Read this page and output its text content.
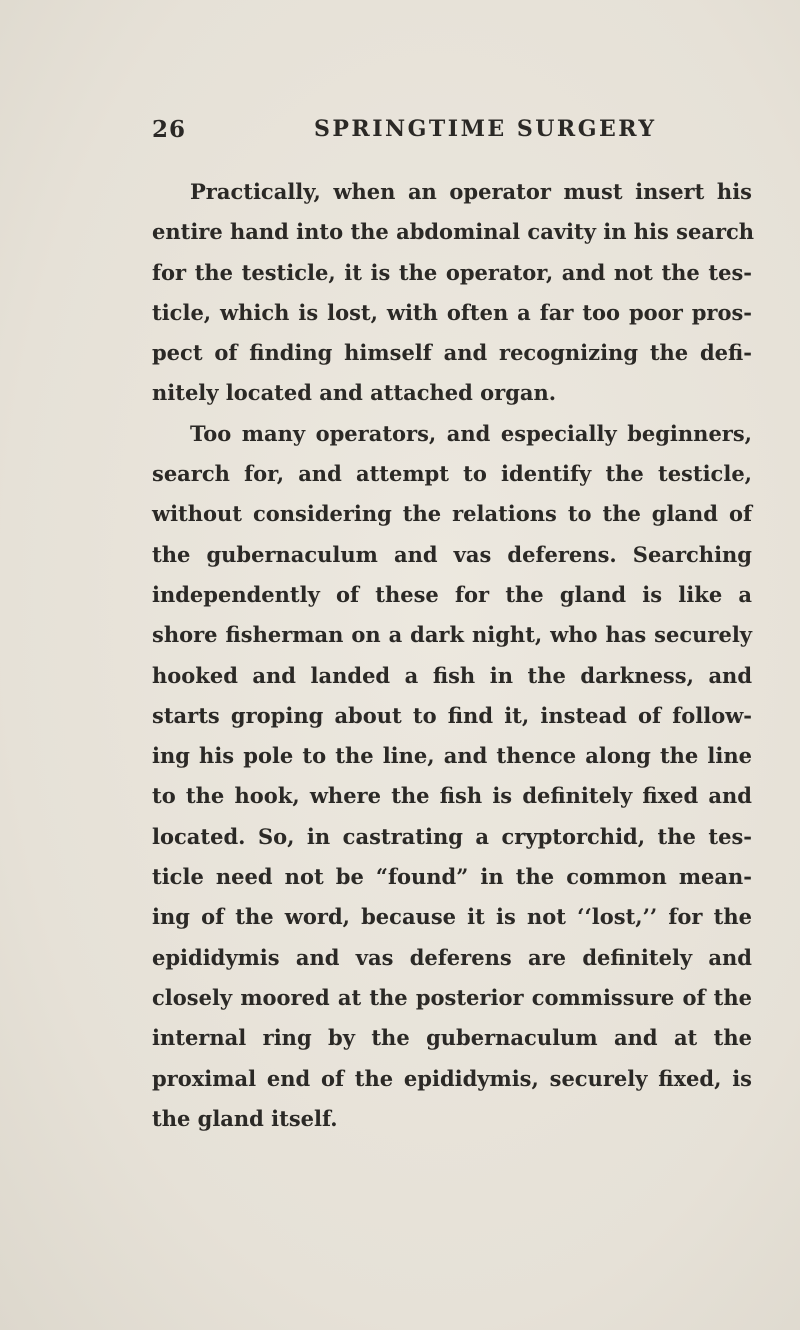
26	SPRINGTIME SURGERY
Practically, when an operator must insert his
entire hand into the abdominal cavity in his search
for the testicle, it is the operator, and not the tes-
ticle, which is lost, with often a far too poor pros-
pect of finding himself and recognizing the defi-
nitely located and attached organ.
Too many operators, and especially beginners,
search for, and attempt to identify the testicle,
without considering the relations to the gland of
the gubernaculum and vas deferens. Searching
independently of these for the gland is like a
shore fisherman on a dark night, who has securely
hooked and landed a fish in the darkness, and
starts groping about to find it, instead of follow-
ing his pole to the line, and thence along the line
to the hook, where the fish is definitely fixed and
located. So, in castrating a cryptorchid, the tes-
ticle need not be “found” in the common mean-
ing of the word, because it is not ‘‘lost,’’ for the
epididymis and vas deferens are definitely and
closely moored at the posterior commissure of the
internal ring by the gubernaculum and at the
proximal end of the epididymis, securely fixed, is
the gland itself.
